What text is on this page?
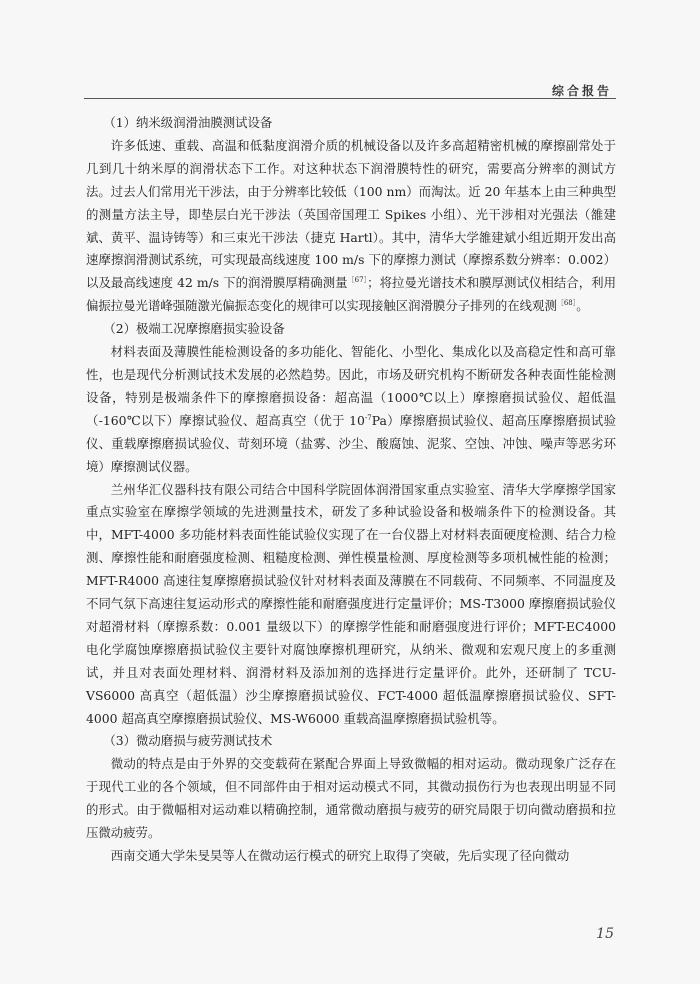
综合报告

（1）纳米级润滑油膜测试设备

许多低速、重载、高温和低黏度润滑介质的机械设备以及许多高超精密机械的摩擦副常处于几到几十纳米厚的润滑状态下工作。对这种状态下润滑膜特性的研究，需要高分辨率的测试方法。过去人们常用光干涉法，由于分辨率比较低（100 nm）而淘汰。近 20 年基本上由三种典型的测量方法主导，即垫层白光干涉法（英国帝国理工 Spikes 小组）、光干涉相对光强法（雒建斌、黄平、温诗铸等）和三束光干涉法（捷克 Hartl）。其中，清华大学雒建斌小组近期开发出高速摩擦润滑测试系统，可实现最高线速度 100 m/s 下的摩擦力测试（摩擦系数分辨率：0.002）以及最高线速度 42 m/s 下的润滑膜厚精确测量$^{[67]}$；将拉曼光谱技术和膜厚测试仪相结合，利用偏振拉曼光谱峰强随激光偏振态变化的规律可以实现接触区润滑膜分子排列的在线观测$^{[68]}$。

（2）极端工况摩擦磨损实验设备

材料表面及薄膜性能检测设备的多功能化、智能化、小型化、集成化以及高稳定性和高可靠性，也是现代分析测试技术发展的必然趋势。因此，市场及研究机构不断研发各种表面性能检测设备，特别是极端条件下的摩擦磨损设备：超高温（1000℃以上）摩擦磨损试验仪、超低温（-160℃以下）摩擦试验仪、超高真空（优于 $10^{-7}Pa$）摩擦磨损试验仪、超高压摩擦磨损试验仪、重载摩擦磨损试验仪、苛刻环境（盐雾、沙尘、酸腐蚀、泥浆、空蚀、冲蚀、噪声等恶劣环境）摩擦测试仪器。

兰州华汇仪器科技有限公司结合中国科学院固体润滑国家重点实验室、清华大学摩擦学国家重点实验室在摩擦学领域的先进测量技术，研发了多种试验设备和极端条件下的检测设备。其中，MFT-4000 多功能材料表面性能试验仪实现了在一台仪器上对材料表面硬度检测、结合力检测、摩擦性能和耐磨强度检测、粗糙度检测、弹性模量检测、厚度检测等多项机械性能的检测；MFT-R4000 高速往复摩擦磨损试验仪针对材料表面及薄膜在不同载荷、不同频率、不同温度及不同气氛下高速往复运动形式的摩擦性能和耐磨强度进行定量评价；MS-T3000 摩擦磨损试验仪对超滑材料（摩擦系数：0.001 量级以下）的摩擦学性能和耐磨强度进行评价；MFT-EC4000 电化学腐蚀摩擦磨损试验仪主要针对腐蚀摩擦机理研究，从纳米、微观和宏观尺度上的多重测试，并且对表面处理材料、润滑材料及添加剂的选择进行定量评价。此外，还研制了 TCU-VS6000 高真空（超低温）沙尘摩擦磨损试验仪、FCT-4000 超低温摩擦磨损试验仪、SFT-4000 超高真空摩擦磨损试验仪、MS-W6000 重载高温摩擦磨损试验机等。

（3）微动磨损与疲劳测试技术

微动的特点是由于外界的交变载荷在紧配合界面上导致微幅的相对运动。微动现象广泛存在于现代工业的各个领域，但不同部件由于相对运动模式不同，其微动损伤行为也表现出明显不同的形式。由于微幅相对运动难以精确控制，通常微动磨损与疲劳的研究局限于切向微动磨损和拉压微动疲劳。

西南交通大学朱旻昊等人在微动运行模式的研究上取得了突破，先后实现了径向微动

15
